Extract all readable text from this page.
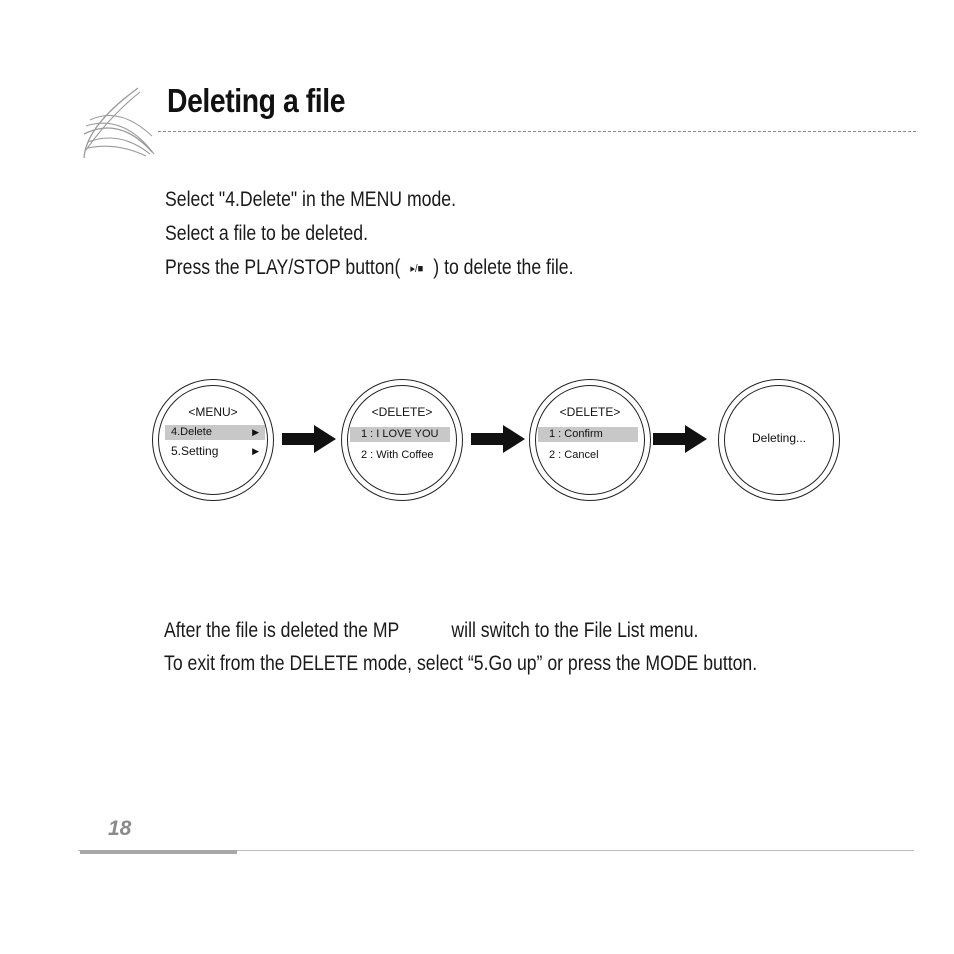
Deleting a file
Select "4.Delete" in the MENU mode.
Select a file to be deleted.
Press the PLAY/STOP button( ▸/■ ) to delete the file.
<MENU>
4.Delete	▶
5.Setting	▶
<DELETE>
1 : I LOVE YOU
2 : With Coffee
<DELETE>
1 : Confirm
2 : Cancel
Deleting...
After the file is deleted the MP will switch to the File List menu.
To exit from the DELETE mode, select “5.Go up” or press the MODE button.
18
